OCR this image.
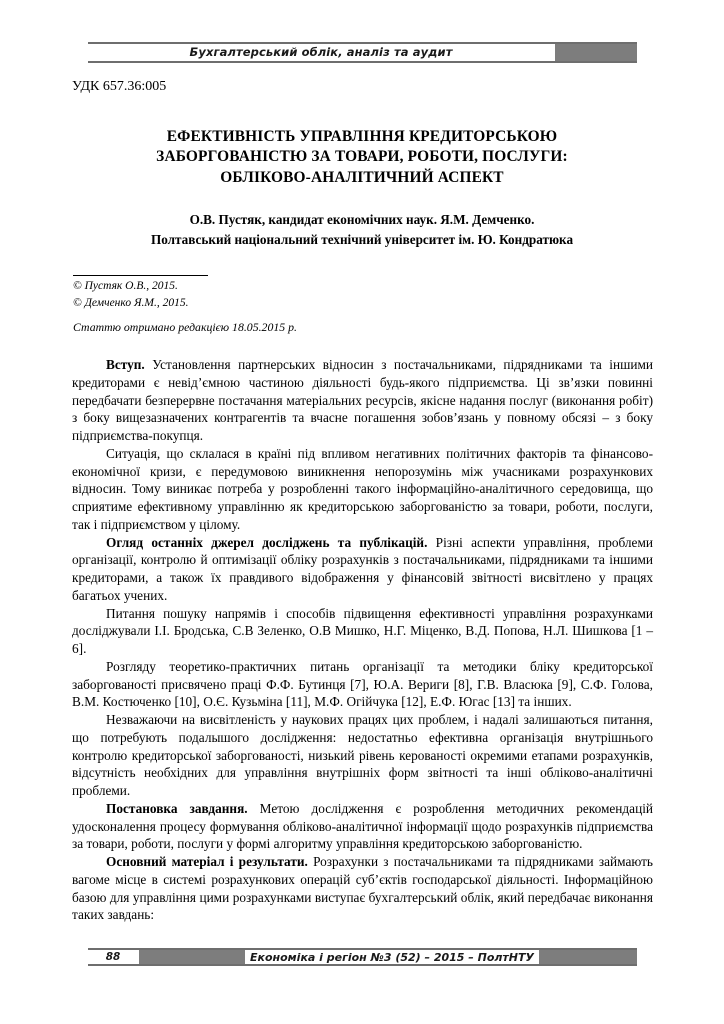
Бухгалтерський облік, аналіз та аудит
УДК 657.36:005
ЕФЕКТИВНІСТЬ УПРАВЛІННЯ КРЕДИТОРСЬКОЮ
ЗАБОРГОВАНІСТЮ ЗА ТОВАРИ, РОБОТИ, ПОСЛУГИ:
ОБЛІКОВО-АНАЛІТИЧНИЙ АСПЕКТ
О.В. Пустяк, кандидат економічних наук. Я.М. Демченко.
Полтавський національний технічний університет ім. Ю. Кондратюка
© Пустяк О.В., 2015.
© Демченко Я.М., 2015.
Статтю отримано редакцією 18.05.2015 р.

Вступ. Установлення партнерських відносин з постачальниками, підрядниками та іншими кредиторами є невід’ємною частиною діяльності будь-якого підприємства. Ці зв’язки повинні передбачати безперервне постачання матеріальних ресурсів, якісне надання послуг (виконання робіт) з боку вищезазначених контрагентів та вчасне погашення зобов’язань у повному обсязі – з боку підприємства-покупця.

Ситуація, що склалася в країні під впливом негативних політичних факторів та фінансово-економічної кризи, є передумовою виникнення непорозумінь між учасниками розрахункових відносин. Тому виникає потреба у розробленні такого інформаційно-аналітичного середовища, що сприятиме ефективному управлінню як кредиторською заборгованістю за товари, роботи, послуги, так і підприємством у цілому.

Огляд останніх джерел досліджень та публікацій. Різні аспекти управління, проблеми організації, контролю й оптимізації обліку розрахунків з постачальниками, підрядниками та іншими кредиторами, а також їх правдивого відображення у фінансовій звітності висвітлено у працях багатьох учених.

Питання пошуку напрямів і способів підвищення ефективності управління розрахунками досліджували І.І. Бродська, С.В Зеленко, О.В Мишко, Н.Г. Міценко, В.Д. Попова, Н.Л. Шишкова [1 – 6].

Розгляду теоретико-практичних питань організації та методики бліку кредиторської заборгованості присвячено праці Ф.Ф. Бутинця [7], Ю.А. Вериги [8], Г.В. Власюка [9], С.Ф. Голова, В.М. Костюченко [10], О.Є. Кузьміна [11], М.Ф. Огійчука [12], Е.Ф. Югас [13] та інших.

Незважаючи на висвітленість у наукових працях цих проблем, і надалі залишаються питання, що потребують подалышого дослідження: недостатньо ефективна організація внутрішнього контролю кредиторської заборгованості, низький рівень керованості окремими етапами розрахунків, відсутність необхідних для управління внутрішніх форм звітності та інші обліково-аналітичні проблеми.

Постановка завдання. Метою дослідження є розроблення методичних рекомендацій удосконалення процесу формування обліково-аналітичної інформації щодо розрахунків підприємства за товари, роботи, послуги у формі алгоритму управління кредиторською заборгованістю.

Основний матеріал і результати. Розрахунки з постачальниками та підрядниками займають вагоме місце в системі розрахункових операцій суб’єктів господарської діяльності. Інформаційною базою для управління цими розрахунками виступає бухгалтерський облік, який передбачає виконання таких завдань:

88	Економіка і регіон №3 (52) – 2015 – ПолтНТУ
